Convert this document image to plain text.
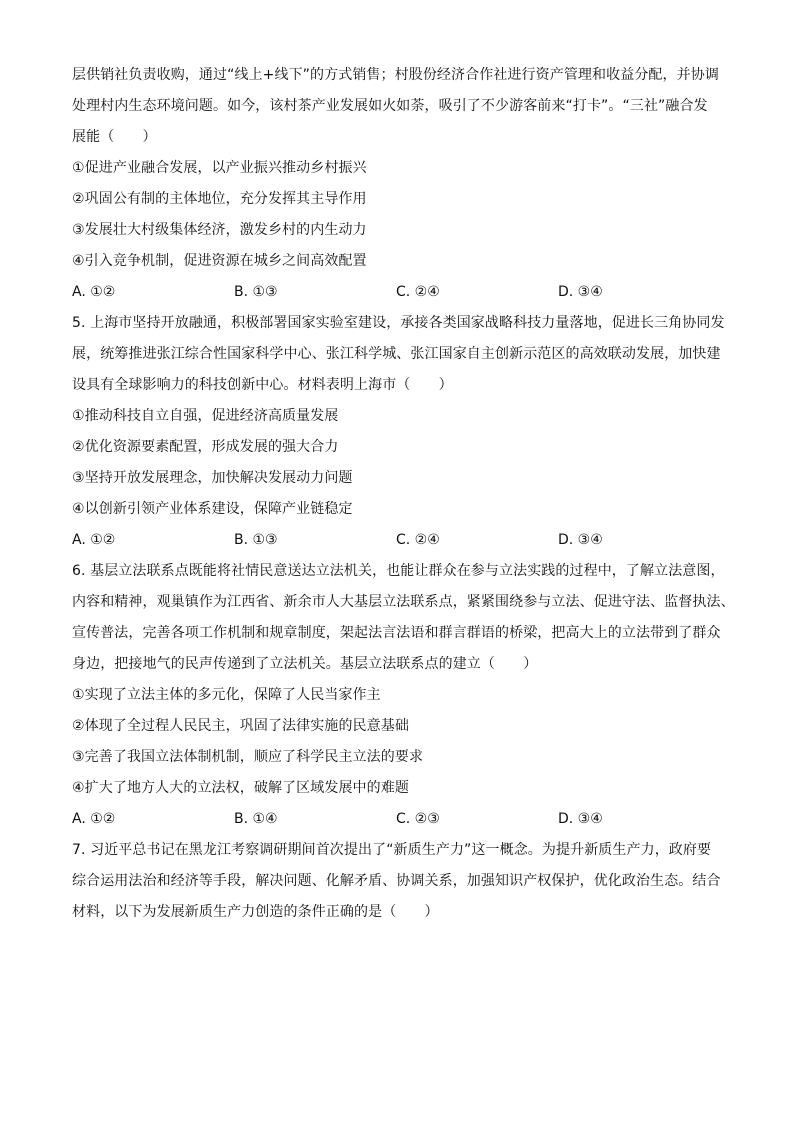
层供销社负责收购，通过“线上+线下”的方式销售；村股份经济合作社进行资产管理和收益分配，并协调
处理村内生态环境问题。如今，该村茶产业发展如火如荼，吸引了不少游客前来“打卡”。“三社”融合发
展能（　　）
①促进产业融合发展，以产业振兴推动乡村振兴
②巩固公有制的主体地位，充分发挥其主导作用
③发展壮大村级集体经济，激发乡村的内生动力
④引入竞争机制，促进资源在城乡之间高效配置
A. ①②	B. ①③	C. ②④	D. ③④
5. 上海市坚持开放融通，积极部署国家实验室建设，承接各类国家战略科技力量落地，促进长三角协同发
展，统筹推进张江综合性国家科学中心、张江科学城、张江国家自主创新示范区的高效联动发展，加快建
设具有全球影响力的科技创新中心。材料表明上海市（　　）
①推动科技自立自强，促进经济高质量发展
②优化资源要素配置，形成发展的强大合力
③坚持开放发展理念，加快解决发展动力问题
④以创新引领产业体系建设，保障产业链稳定
A. ①②	B. ①③	C. ②④	D. ③④
6. 基层立法联系点既能将社情民意送达立法机关，也能让群众在参与立法实践的过程中，了解立法意图，
内容和精神，观巢镇作为江西省、新余市人大基层立法联系点，紧紧围绕参与立法、促进守法、监督执法、
宣传普法，完善各项工作机制和规章制度，架起法言法语和群言群语的桥梁，把高大上的立法带到了群众
身边，把接地气的民声传递到了立法机关。基层立法联系点的建立（　　）
①实现了立法主体的多元化，保障了人民当家作主
②体现了全过程人民民主，巩固了法律实施的民意基础
③完善了我国立法体制机制，顺应了科学民主立法的要求
④扩大了地方人大的立法权，破解了区域发展中的难题
A. ①②	B. ①④	C. ②③	D. ③④
7. 习近平总书记在黑龙江考察调研期间首次提出了“新质生产力”这一概念。为提升新质生产力，政府要
综合运用法治和经济等手段，解决问题、化解矛盾、协调关系，加强知识产权保护，优化政治生态。结合
材料，以下为发展新质生产力创造的条件正确的是（　　）
